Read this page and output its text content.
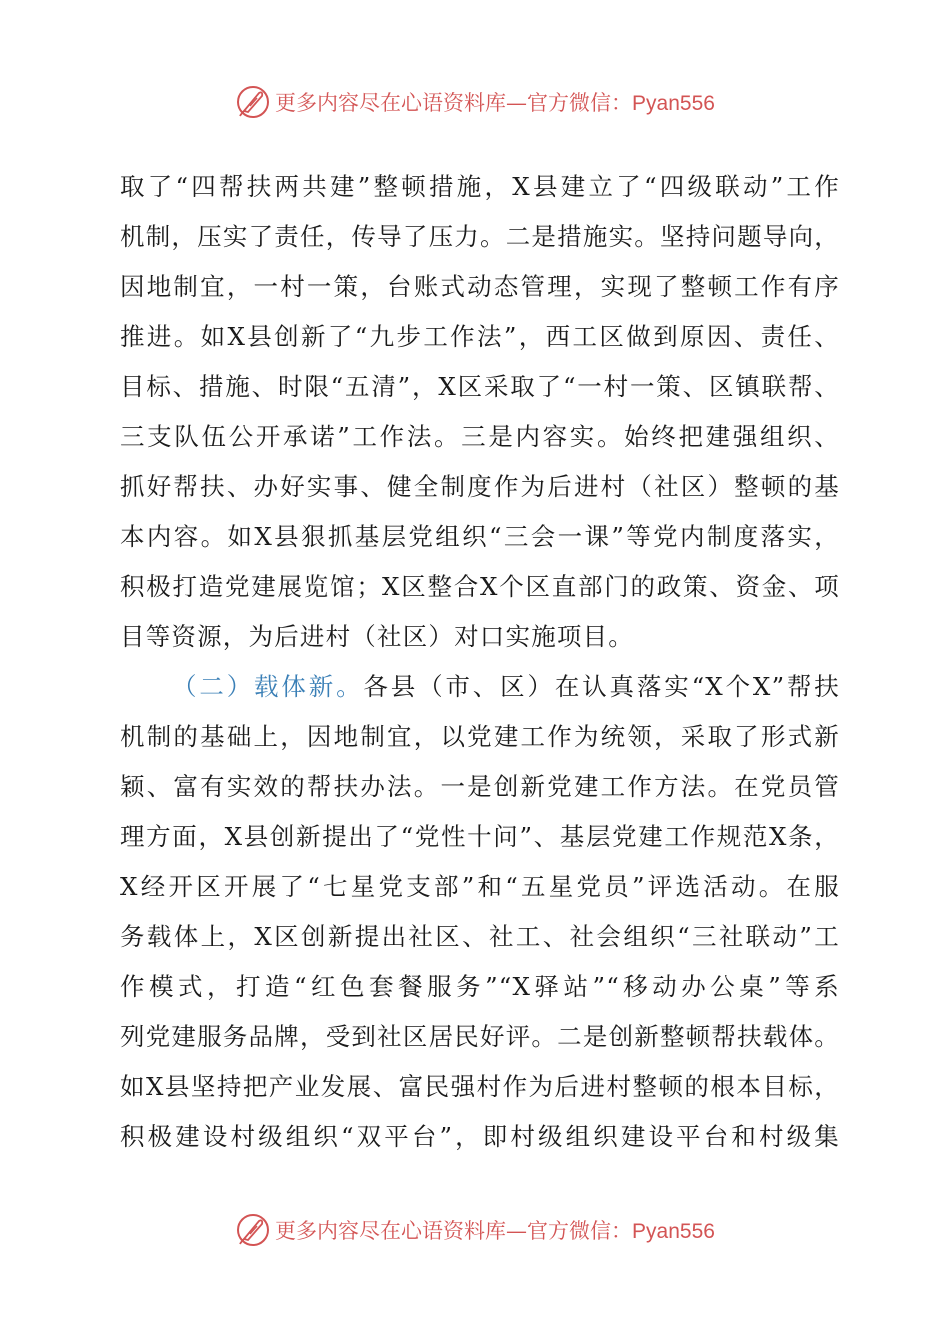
更多内容尽在心语资料库—官方微信：Pyan556
取了“四帮扶两共建”整顿措施，X县建立了“四级联动”工作
机制，压实了责任，传导了压力。二是措施实。坚持问题导向，
因地制宜，一村一策，台账式动态管理，实现了整顿工作有序
推进。如X县创新了“九步工作法”，西工区做到原因、责任、
目标、措施、时限“五清”，X区采取了“一村一策、区镇联帮、
三支队伍公开承诺”工作法。三是内容实。始终把建强组织、
抓好帮扶、办好实事、健全制度作为后进村（社区）整顿的基
本内容。如X县狠抓基层党组织“三会一课”等党内制度落实，
积极打造党建展览馆；X区整合X个区直部门的政策、资金、项
目等资源，为后进村（社区）对口实施项目。
（二）载体新。各县（市、区）在认真落实“X个X”帮扶
机制的基础上，因地制宜，以党建工作为统领，采取了形式新
颖、富有实效的帮扶办法。一是创新党建工作方法。在党员管
理方面，X县创新提出了“党性十问”、基层党建工作规范X条，
X经开区开展了“七星党支部”和“五星党员”评选活动。在服
务载体上，X区创新提出社区、社工、社会组织“三社联动”工
作模式，打造“红色套餐服务”“X驿站”“移动办公桌”等系
列党建服务品牌，受到社区居民好评。二是创新整顿帮扶载体。
如X县坚持把产业发展、富民强村作为后进村整顿的根本目标，
积极建设村级组织“双平台”，即村级组织建设平台和村级集
更多内容尽在心语资料库—官方微信：Pyan556
